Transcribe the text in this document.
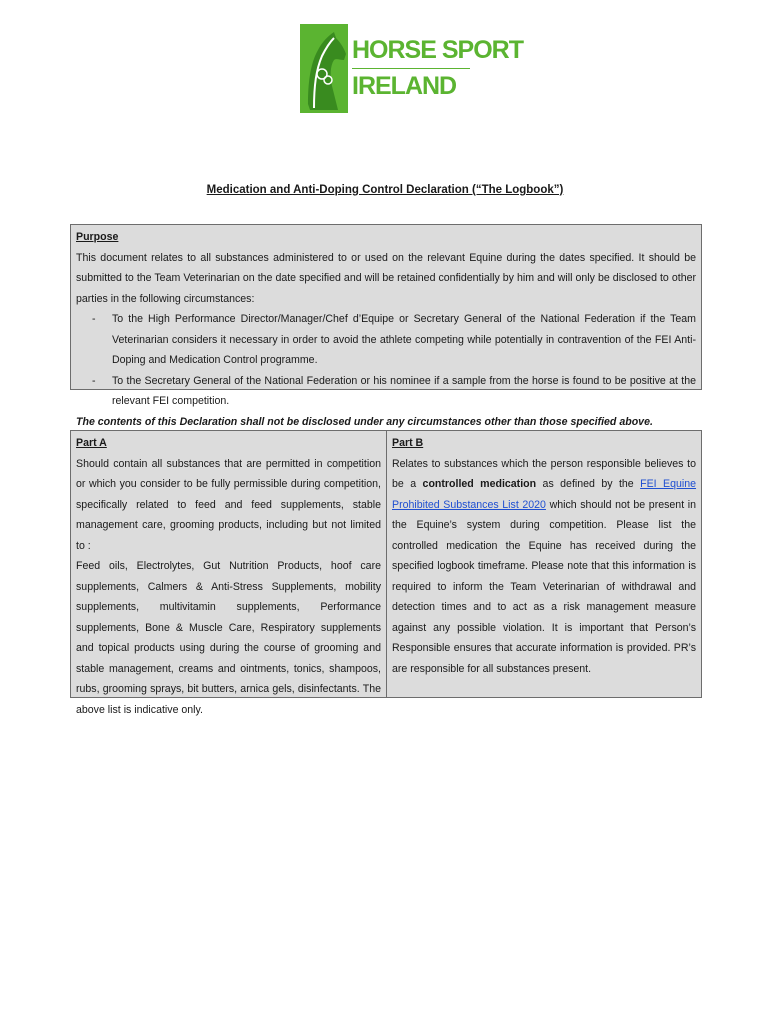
HORSE SPORT
IRELAND
Medication and Anti-Doping Control Declaration (“The Logbook”)
Purpose
This document relates to all substances administered to or used on the relevant Equine during the dates specified. It should be submitted to the Team Veterinarian on the date specified and will be retained confidentially by him and will only be disclosed to other parties in the following circumstances:
- To the High Performance Director/Manager/Chef d’Equipe or Secretary General of the National Federation if the Team Veterinarian considers it necessary in order to avoid the athlete competing while potentially in contravention of the FEI Anti-Doping and Medication Control programme.
- To the Secretary General of the National Federation or his nominee if a sample from the horse is found to be positive at the relevant FEI competition.
The contents of this Declaration shall not be disclosed under any circumstances other than those specified above.
Part A
Should contain all substances that are permitted in competition or which you consider to be fully permissible during competition, specifically related to feed and feed supplements, stable management care, grooming products, including but not limited to :
Feed oils, Electrolytes, Gut Nutrition Products, hoof care supplements, Calmers & Anti-Stress Supplements, mobility supplements, multivitamin supplements, Performance supplements, Bone & Muscle Care, Respiratory supplements and topical products using during the course of grooming and stable management, creams and ointments, tonics, shampoos, rubs, grooming sprays, bit butters, arnica gels, disinfectants. The above list is indicative only.
Part B
Relates to substances which the person responsible believes to be a controlled medication as defined by the FEI Equine Prohibited Substances List 2020 which should not be present in the Equine’s system during competition. Please list the controlled medication the Equine has received during the specified logbook timeframe. Please note that this information is required to inform the Team Veterinarian of withdrawal and detection times and to act as a risk management measure against any possible violation. It is important that Person’s Responsible ensures that accurate information is provided. PR’s are responsible for all substances present.
